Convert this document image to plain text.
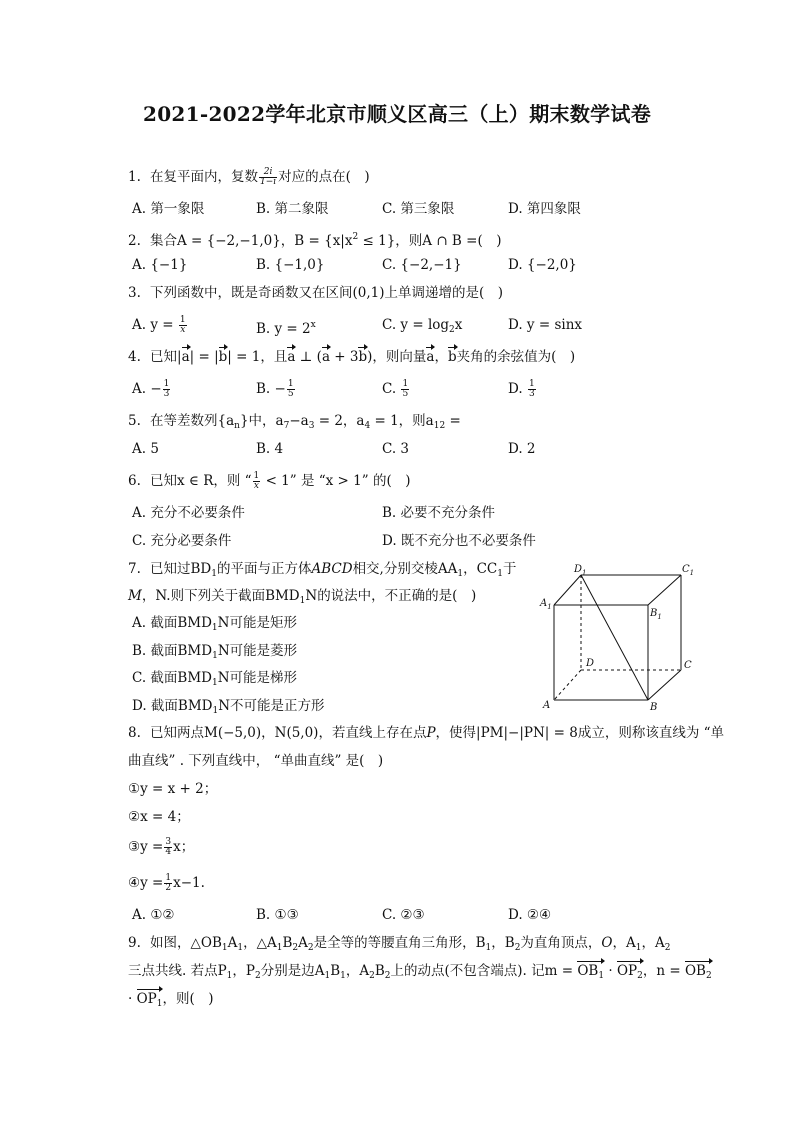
2021-2022学年北京市顺义区高三（上）期末数学试卷
1. 在复平面内，复数 $\frac{2i}{1-i}$ 对应的点在(　)
A. 第一象限	B. 第二象限	C. 第三象限	D. 第四象限
2. 集合A = {−2,−1,0}，$B = \{x|x^2 \le 1\}$，则A ∩ B =(　)
A. {−1}	B. {−1,0}	C. {−2,−1}	D. {−2,0}
3. 下列函数中，既是奇函数又在区间(0,1)上单调递增的是(　)
A. $y = \frac{1}{x}$	B. $y = 2^x$	C. $y = \log_2x$	D. y = sinx
4. 已知|a| = |b| = 1，且a ⊥ (a + 3b)，则向量a，b夹角的余弦值为(　)
A. − $\frac{1}{3}$	B. − $\frac{1}{5}$	C. $\frac{1}{5}$	D. $\frac{1}{3}$
5. 在等差数列$\{a_n\}$中，$a_7-a_3 = 2$，$a_4 = 1$，则$a_{12}$ =
A. 5	B. 4	C. 3	D. 2
6. 已知x ∈ R，则 “ $\frac{1}{x} < 1$” 是 “x > 1” 的(　)
A. 充分不必要条件	B. 必要不充分条件
C. 充分必要条件	D. 既不充分也不必要条件
7. 已知过$BD_1$的平面与正方体ABCD相交,分别交棱$AA_1$，$CC_1$于
M，N.则下列关于截面$BMD_1N$的说法中，不正确的是(　)
A. 截面$BMD_1N$可能是矩形
B. 截面$BMD_1N$可能是菱形
C. 截面$BMD_1N$可能是梯形
D. 截面$BMD_1N$不可能是正方形
$D_1$	$C_1$
$A_1$
$B_1$
D	C
A	B
8. 已知两点M(−5,0)，N(5,0)，若直线上存在点P，使得|PM|−|PN| = 8成立，则称该直线为 “单
曲直线” . 下列直线中， “单曲直线” 是(　)
①y = x + 2；
②x = 4；
③y = $\frac{3}{4}$ x；
④y = $\frac{1}{2} x-1$.
A. ①②	B. ①③	C. ②③	D. ②④
9. 如图，$\triangle OB_1A_1$，$\triangle A_1B_2A_2$是全等的等腰直角三角形，$B_1$，$B_2$为直角顶点，O，$A_1$，$A_2$
三点共线. 若点$P_1$，$P_2$分别是边$A_1B_1$，$A_2B_2$上的动点(不包含端点). 记$m = OB_1 \cdot OP_2$，$n = OB_2$
· $OP_1$，则(　)
